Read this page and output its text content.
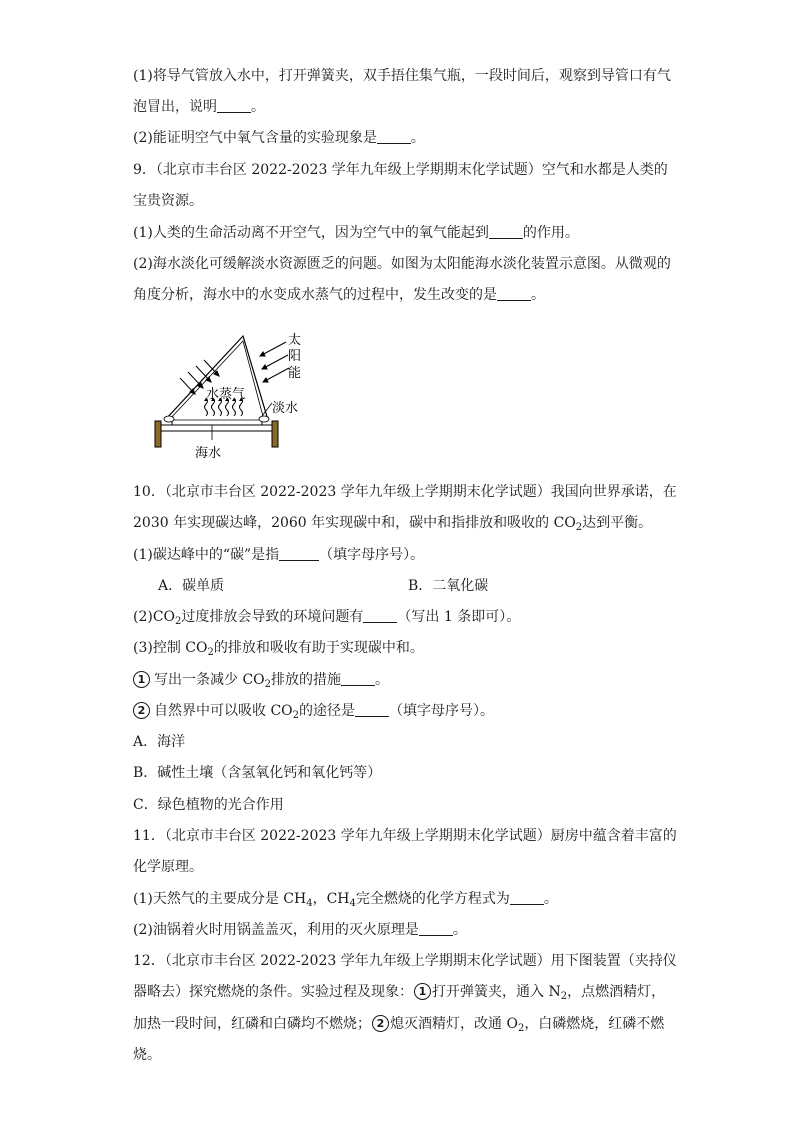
(1)将导气管放入水中，打开弹簧夹，双手捂住集气瓶，一段时间后，观察到导管口有气
泡冒出，说明 。
(2)能证明空气中氧气含量的实验现象是 。
9．（北京市丰台区 2022-2023 学年九年级上学期期末化学试题）空气和水都是人类的
宝贵资源。
(1)人类的生命活动离不开空气，因为空气中的氧气能起到 的作用。
(2)海水淡化可缓解淡水资源匮乏的问题。如图为太阳能海水淡化装置示意图。从微观的
角度分析，海水中的水变成水蒸气的过程中，发生改变的是 。
太
阳
能
水蒸气
淡水
海水
10．（北京市丰台区 2022-2023 学年九年级上学期期末化学试题）我国向世界承诺，在
2030 年实现碳达峰，2060 年实现碳中和，碳中和指排放和吸收的 $CO_2$达到平衡。
(1)碳达峰中的“碳”是指	（填字母序号）。
A．碳单质	B．二氧化碳
$(2)CO_2$过度排放会导致的环境问题有 （写出 1 条即可）。
(3)控制 $CO_2$的排放和吸收有助于实现碳中和。
1 写出一条减少 $CO_2$排放的措施 。
2 自然界中可以吸收 $CO_2$的途径是 （填字母序号）。
A．海洋
B．碱性土壤（含氢氧化钙和氧化钙等）
C．绿色植物的光合作用
11．（北京市丰台区 2022-2023 学年九年级上学期期末化学试题）厨房中蕴含着丰富的
化学原理。
(1)天然气的主要成分是 $CH_4$，$CH_4$完全燃烧的化学方程式为 。
(2)油锅着火时用锅盖盖灭，利用的灭火原理是 。
12．（北京市丰台区 2022-2023 学年九年级上学期期末化学试题）用下图装置（夹持仪
器略去）探究燃烧的条件。实验过程及现象： 1 打开弹簧夹，通入 $N_2$，点燃酒精灯，
加热一段时间，红磷和白磷均不燃烧； 2 熄灭酒精灯，改通 $O_2$，白磷燃烧，红磷不燃
烧。
